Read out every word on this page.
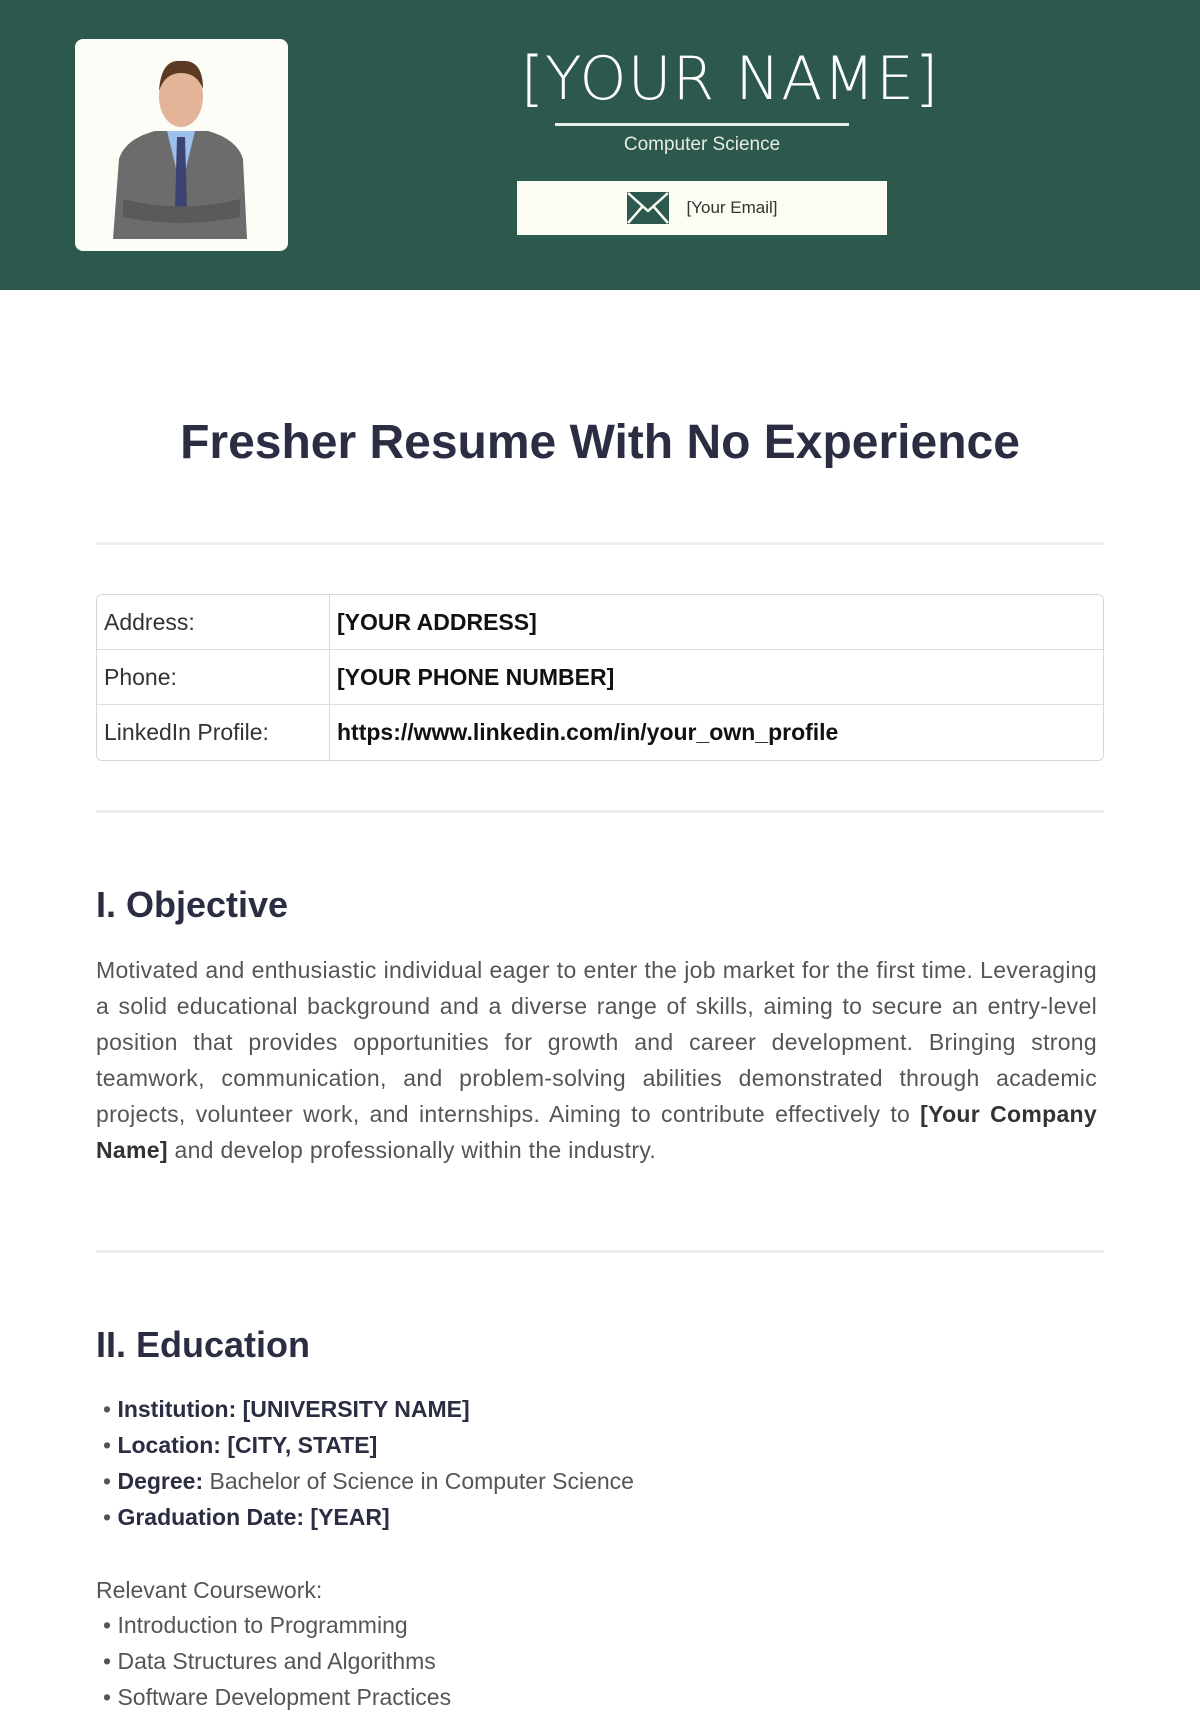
[YOUR NAME]
Computer Science
[Your Email]
Fresher Resume With No Experience
Address:	[YOUR ADDRESS]
Phone:	[YOUR PHONE NUMBER]
LinkedIn Profile:	https://www.linkedin.com/in/your_own_profile
I. Objective
Motivated and enthusiastic individual eager to enter the job market for the first time. Leveraging a solid educational background and a diverse range of skills, aiming to secure an entry-level position that provides opportunities for growth and career development. Bringing strong teamwork, communication, and problem-solving abilities demonstrated through academic projects, volunteer work, and internships. Aiming to contribute effectively to [Your Company Name] and develop professionally within the industry.
II. Education
• Institution: [UNIVERSITY NAME]
• Location: [CITY, STATE]
• Degree: Bachelor of Science in Computer Science
• Graduation Date: [YEAR]
Relevant Coursework:
• Introduction to Programming
• Data Structures and Algorithms
• Software Development Practices
